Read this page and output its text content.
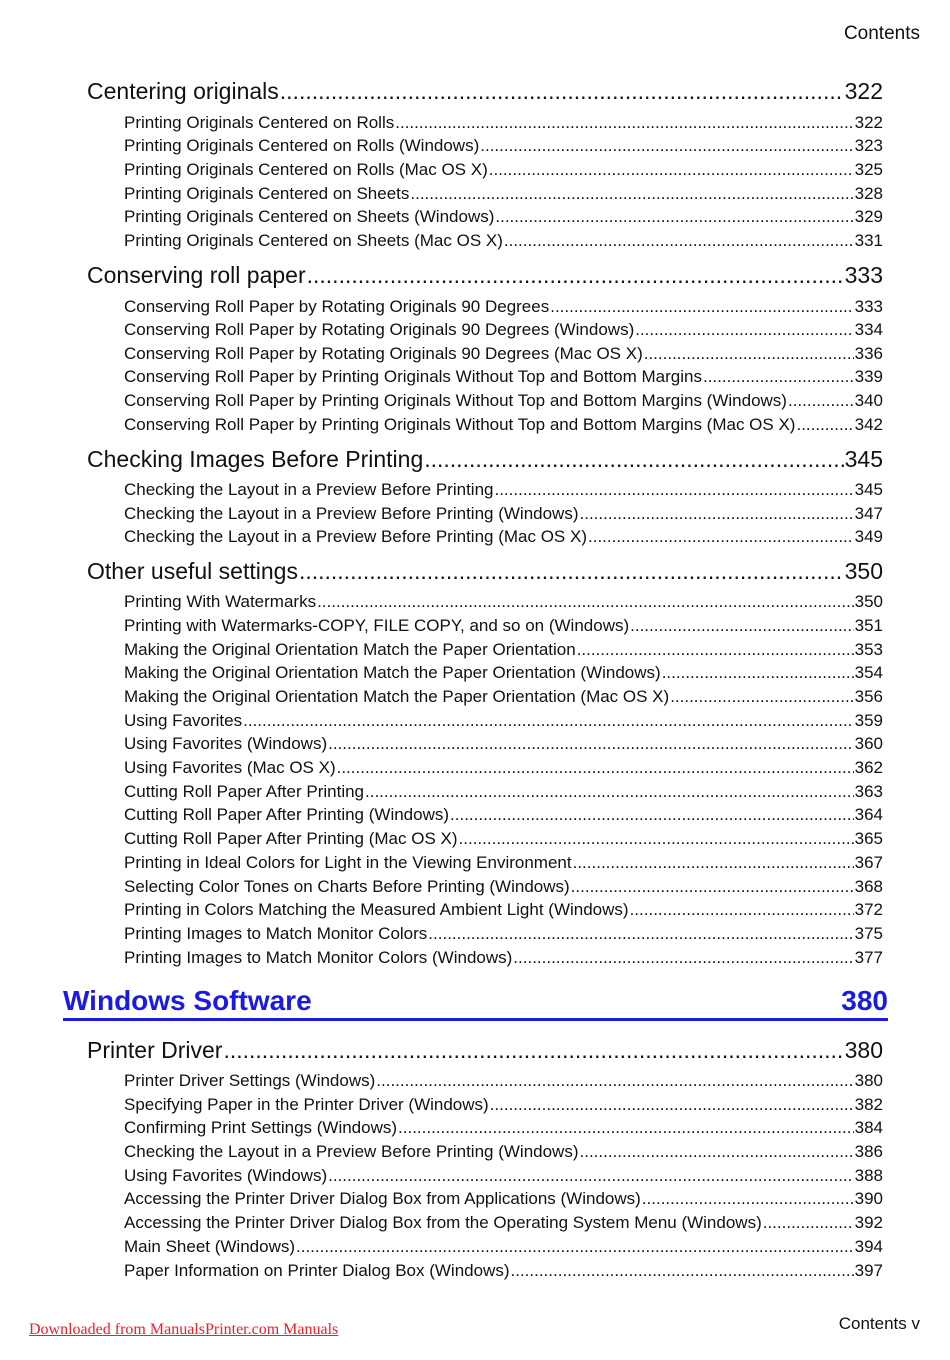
Contents
Centering originals .....	322
Printing Originals Centered on Rolls .....	322
Printing Originals Centered on Rolls (Windows) .....	323
Printing Originals Centered on Rolls (Mac OS X) .....	325
Printing Originals Centered on Sheets .....	328
Printing Originals Centered on Sheets (Windows) .....	329
Printing Originals Centered on Sheets (Mac OS X) .....	331
Conserving roll paper .....	333
Conserving Roll Paper by Rotating Originals 90 Degrees .....	333
Conserving Roll Paper by Rotating Originals 90 Degrees (Windows) .....	334
Conserving Roll Paper by Rotating Originals 90 Degrees (Mac OS X) .....	336
Conserving Roll Paper by Printing Originals Without Top and Bottom Margins .....	339
Conserving Roll Paper by Printing Originals Without Top and Bottom Margins (Windows) .....	340
Conserving Roll Paper by Printing Originals Without Top and Bottom Margins (Mac OS X) .....	342
Checking Images Before Printing .....	345
Checking the Layout in a Preview Before Printing .....	345
Checking the Layout in a Preview Before Printing (Windows) .....	347
Checking the Layout in a Preview Before Printing (Mac OS X) .....	349
Other useful settings .....	350
Printing With Watermarks .....	350
Printing with Watermarks-COPY, FILE COPY, and so on (Windows) .....	351
Making the Original Orientation Match the Paper Orientation .....	353
Making the Original Orientation Match the Paper Orientation (Windows) .....	354
Making the Original Orientation Match the Paper Orientation (Mac OS X) .....	356
Using Favorites .....	359
Using Favorites (Windows) .....	360
Using Favorites (Mac OS X) .....	362
Cutting Roll Paper After Printing .....	363
Cutting Roll Paper After Printing (Windows) .....	364
Cutting Roll Paper After Printing (Mac OS X) .....	365
Printing in Ideal Colors for Light in the Viewing Environment .....	367
Selecting Color Tones on Charts Before Printing (Windows) .....	368
Printing in Colors Matching the Measured Ambient Light (Windows) .....	372
Printing Images to Match Monitor Colors .....	375
Printing Images to Match Monitor Colors (Windows) .....	377
Windows Software	380
Printer Driver .....	380
Printer Driver Settings (Windows) .....	380
Specifying Paper in the Printer Driver (Windows) .....	382
Confirming Print Settings (Windows) .....	384
Checking the Layout in a Preview Before Printing (Windows) .....	386
Using Favorites (Windows) .....	388
Accessing the Printer Driver Dialog Box from Applications (Windows) .....	390
Accessing the Printer Driver Dialog Box from the Operating System Menu (Windows) .....	392
Main Sheet (Windows) .....	394
Paper Information on Printer Dialog Box (Windows) .....	397
Downloaded from ManualsPrinter.com Manuals	Contents v
